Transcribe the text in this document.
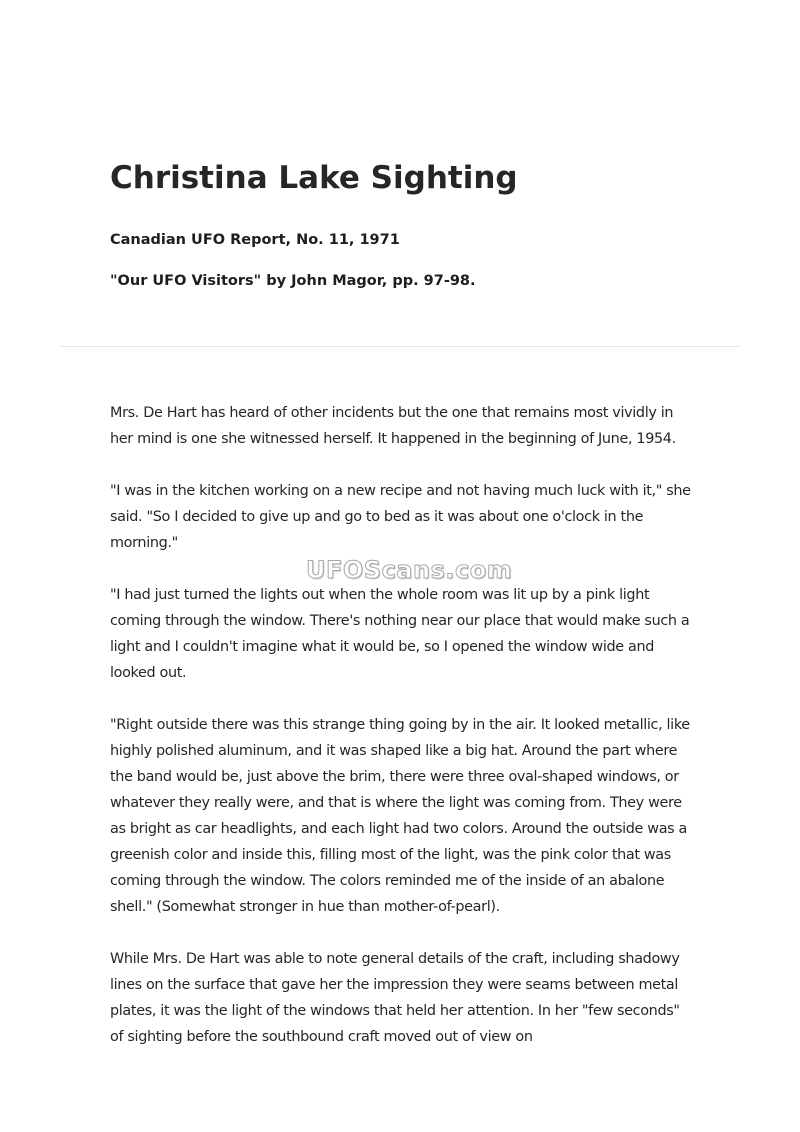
Christina Lake Sighting

Canadian UFO Report, No. 11, 1971

"Our UFO Visitors" by John Magor, pp. 97-98.

Mrs. De Hart has heard of other incidents but the one that remains most vividly in her mind is one she witnessed herself. It happened in the beginning of June, 1954.

"I was in the kitchen working on a new recipe and not having much luck with it," she said. "So I decided to give up and go to bed as it was about one o'clock in the morning."

"I had just turned the lights out when the whole room was lit up by a pink light coming through the window. There's nothing near our place that would make such a light and I couldn't imagine what it would be, so I opened the window wide and looked out.

"Right outside there was this strange thing going by in the air. It looked metallic, like highly polished aluminum, and it was shaped like a big hat. Around the part where the band would be, just above the brim, there were three oval-shaped windows, or whatever they really were, and that is where the light was coming from. They were as bright as car headlights, and each light had two colors. Around the outside was a greenish color and inside this, filling most of the light, was the pink color that was coming through the window. The colors reminded me of the inside of an abalone shell." (Somewhat stronger in hue than mother-of-pearl).

While Mrs. De Hart was able to note general details of the craft, including shadowy lines on the surface that gave her the impression they were seams between metal plates, it was the light of the windows that held her attention. In her "few seconds" of sighting before the southbound craft moved out of view on

UFOScans.com
